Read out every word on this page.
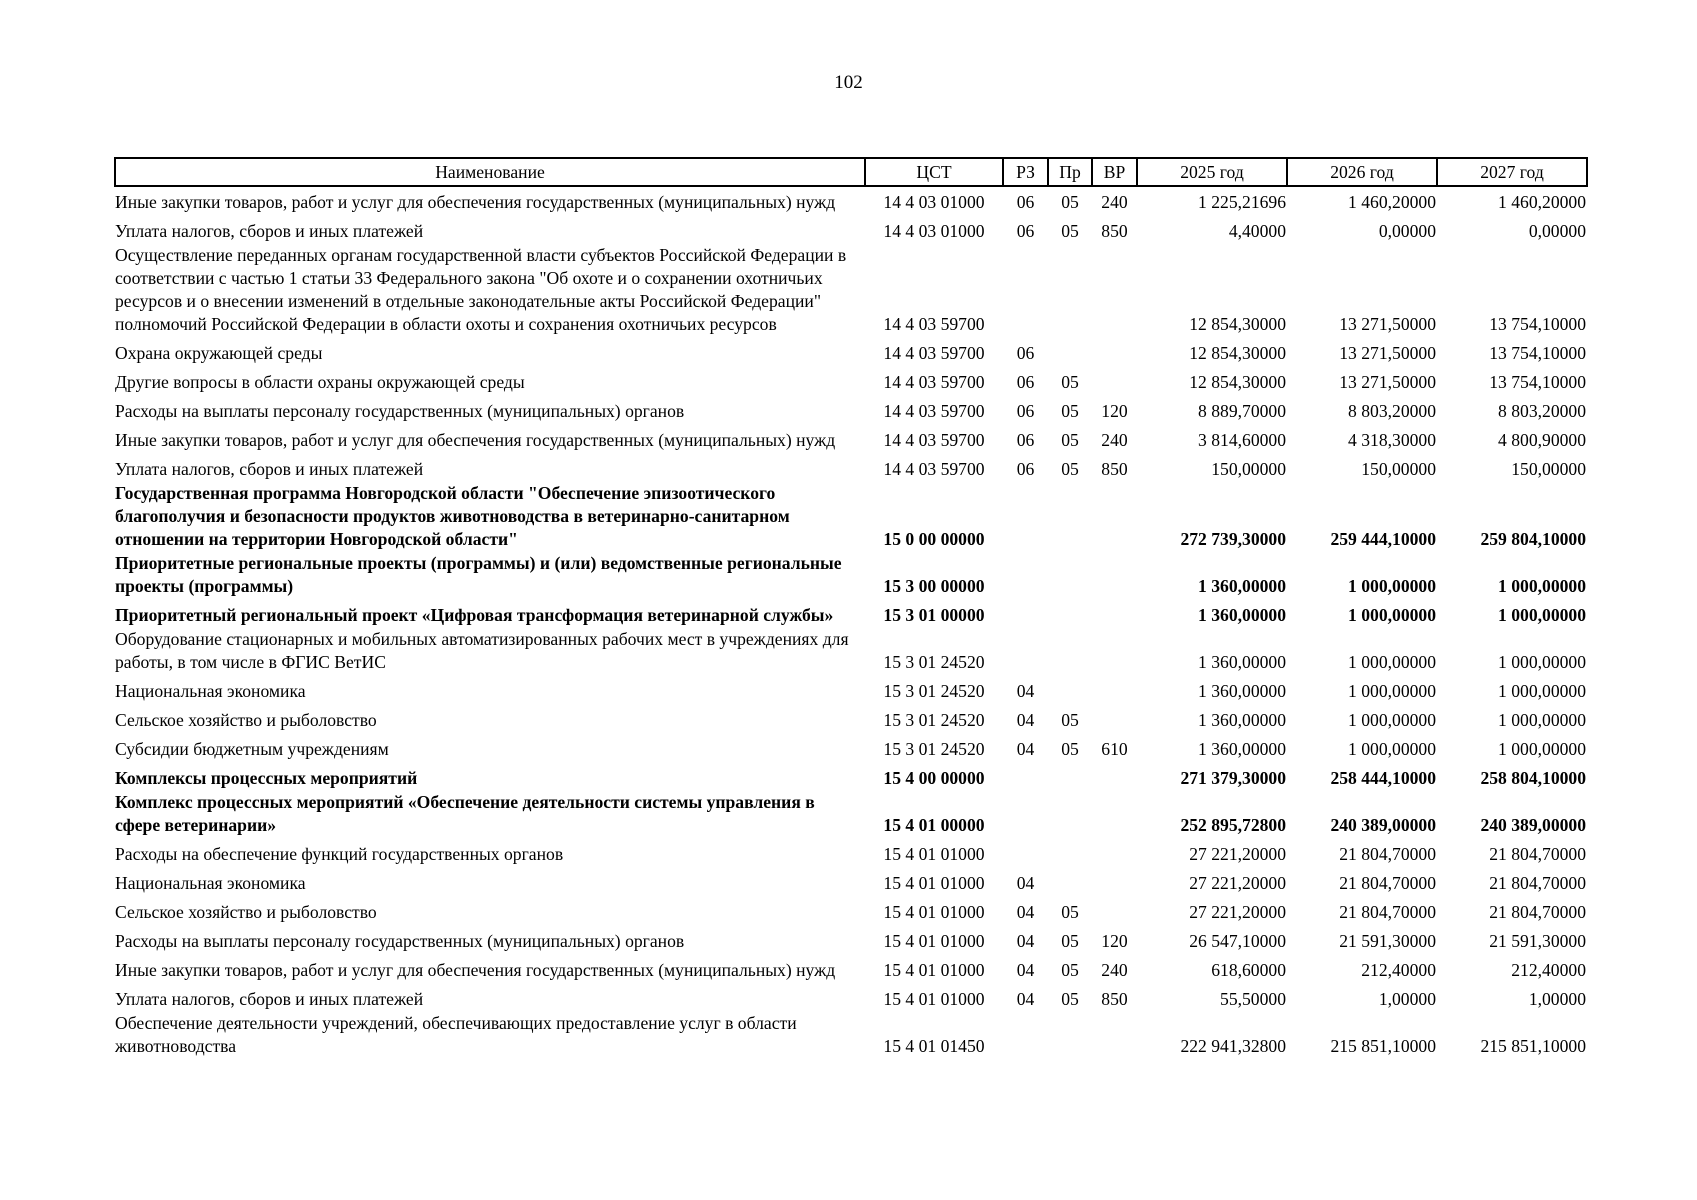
102
Наименование	ЦСТ	РЗ	Пр	ВР	2025 год	2026 год	2027 год
Иные закупки товаров, работ и услуг для обеспечения государственных (муниципальных) нужд	14 4 03 01000	06	05	240	1 225,21696	1 460,20000	1 460,20000
Уплата налогов, сборов и иных платежей	14 4 03 01000	06	05	850	4,40000	0,00000	0,00000
Осуществление переданных органам государственной власти субъектов Российской Федерации в соответствии с частью 1 статьи 33 Федерального закона "Об охоте и о сохранении охотничьих ресурсов и о внесении изменений в отдельные законодательные акты Российской Федерации" полномочий Российской Федерации в области охоты и сохранения охотничьих ресурсов	14 4 03 59700				12 854,30000	13 271,50000	13 754,10000
Охрана окружающей среды	14 4 03 59700	06			12 854,30000	13 271,50000	13 754,10000
Другие вопросы в области охраны окружающей среды	14 4 03 59700	06	05		12 854,30000	13 271,50000	13 754,10000
Расходы на выплаты персоналу государственных (муниципальных) органов	14 4 03 59700	06	05	120	8 889,70000	8 803,20000	8 803,20000
Иные закупки товаров, работ и услуг для обеспечения государственных (муниципальных) нужд	14 4 03 59700	06	05	240	3 814,60000	4 318,30000	4 800,90000
Уплата налогов, сборов и иных платежей	14 4 03 59700	06	05	850	150,00000	150,00000	150,00000
Государственная программа Новгородской области "Обеспечение эпизоотического благополучия и безопасности продуктов животноводства в ветеринарно-санитарном отношении на территории Новгородской области"	15 0 00 00000				272 739,30000	259 444,10000	259 804,10000
Приоритетные региональные проекты (программы) и (или) ведомственные региональные проекты (программы)	15 3 00 00000				1 360,00000	1 000,00000	1 000,00000
Приоритетный региональный проект «Цифровая трансформация ветеринарной службы»	15 3 01 00000				1 360,00000	1 000,00000	1 000,00000
Оборудование стационарных и мобильных автоматизированных рабочих мест в учреждениях для работы, в том числе в ФГИС ВетИС	15 3 01 24520				1 360,00000	1 000,00000	1 000,00000
Национальная экономика	15 3 01 24520	04			1 360,00000	1 000,00000	1 000,00000
Сельское хозяйство и рыболовство	15 3 01 24520	04	05		1 360,00000	1 000,00000	1 000,00000
Субсидии бюджетным учреждениям	15 3 01 24520	04	05	610	1 360,00000	1 000,00000	1 000,00000
Комплексы процессных мероприятий	15 4 00 00000				271 379,30000	258 444,10000	258 804,10000
Комплекс процессных мероприятий «Обеспечение деятельности системы управления в сфере ветеринарии»	15 4 01 00000				252 895,72800	240 389,00000	240 389,00000
Расходы на обеспечение функций государственных органов	15 4 01 01000				27 221,20000	21 804,70000	21 804,70000
Национальная экономика	15 4 01 01000	04			27 221,20000	21 804,70000	21 804,70000
Сельское хозяйство и рыболовство	15 4 01 01000	04	05		27 221,20000	21 804,70000	21 804,70000
Расходы на выплаты персоналу государственных (муниципальных) органов	15 4 01 01000	04	05	120	26 547,10000	21 591,30000	21 591,30000
Иные закупки товаров, работ и услуг для обеспечения государственных (муниципальных) нужд	15 4 01 01000	04	05	240	618,60000	212,40000	212,40000
Уплата налогов, сборов и иных платежей	15 4 01 01000	04	05	850	55,50000	1,00000	1,00000
Обеспечение деятельности учреждений, обеспечивающих предоставление услуг в области животноводства	15 4 01 01450				222 941,32800	215 851,10000	215 851,10000
